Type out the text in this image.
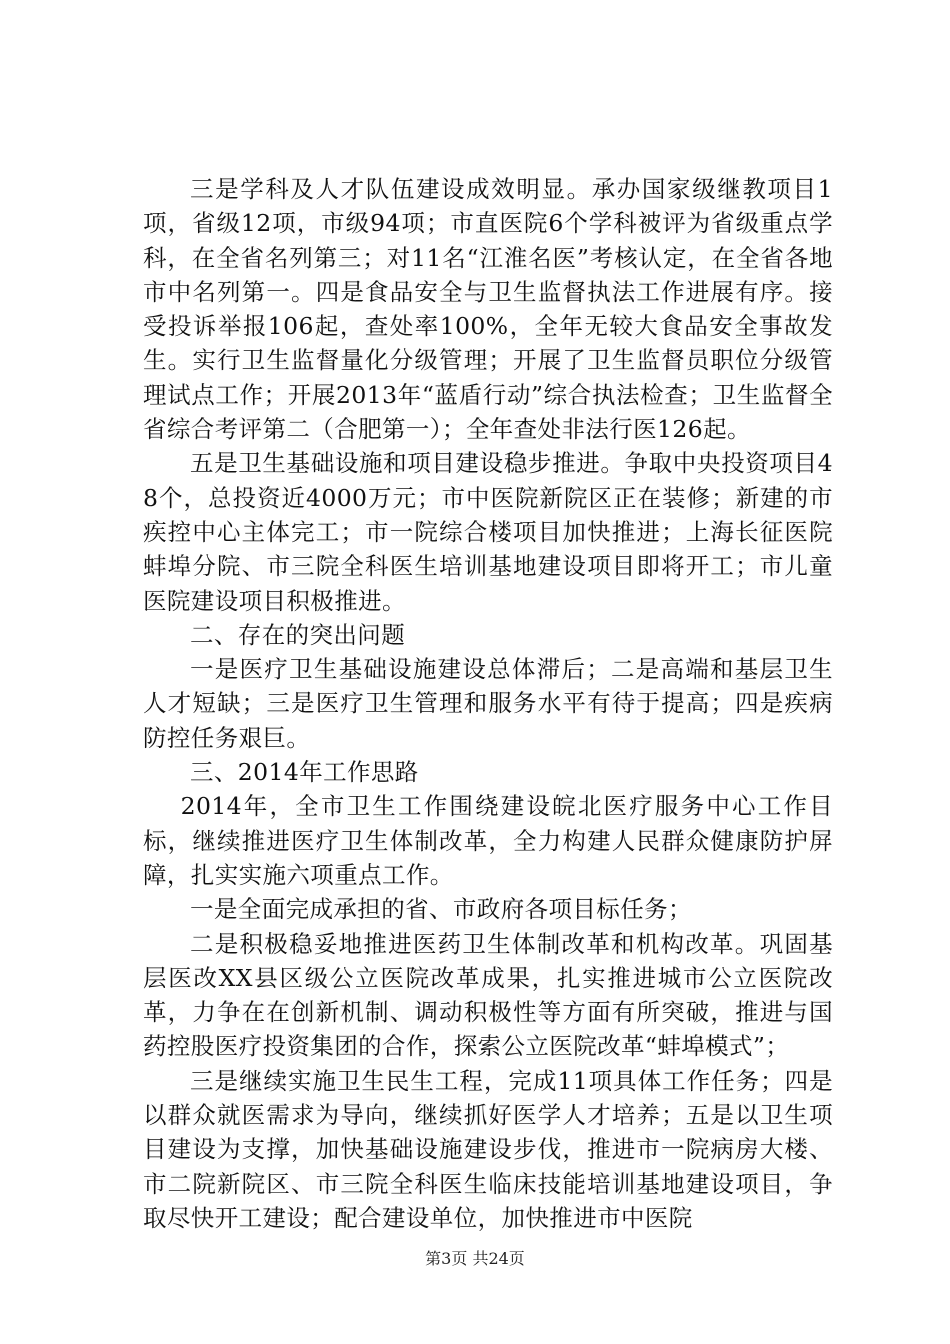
三是学科及人才队伍建设成效明显。承办国家级继教项目1项，省级12项，市级94项；市直医院6个学科被评为省级重点学科，在全省名列第三；对11名“江淮名医”考核认定，在全省各地市中名列第一。四是食品安全与卫生监督执法工作进展有序。接受投诉举报106起，查处率100%，全年无较大食品安全事故发生。实行卫生监督量化分级管理；开展了卫生监督员职位分级管理试点工作；开展2013年“蓝盾行动”综合执法检查；卫生监督全省综合考评第二（合肥第一）；全年查处非法行医126起。

五是卫生基础设施和项目建设稳步推进。争取中央投资项目48个，总投资近4000万元；市中医院新院区正在装修；新建的市疾控中心主体完工；市一院综合楼项目加快推进；上海长征医院蚌埠分院、市三院全科医生培训基地建设项目即将开工；市儿童医院建设项目积极推进。

二、存在的突出问题

一是医疗卫生基础设施建设总体滞后；二是高端和基层卫生人才短缺；三是医疗卫生管理和服务水平有待于提高；四是疾病防控任务艰巨。

三、2014年工作思路

2014年，全市卫生工作围绕建设皖北医疗服务中心工作目标，继续推进医疗卫生体制改革，全力构建人民群众健康防护屏障，扎实实施六项重点工作。

一是全面完成承担的省、市政府各项目标任务；

二是积极稳妥地推进医药卫生体制改革和机构改革。巩固基层医改XX县区级公立医院改革成果，扎实推进城市公立医院改革，力争在在创新机制、调动积极性等方面有所突破，推进与国药控股医疗投资集团的合作，探索公立医院改革“蚌埠模式”；

三是继续实施卫生民生工程，完成11项具体工作任务；四是以群众就医需求为导向，继续抓好医学人才培养；五是以卫生项目建设为支撑，加快基础设施建设步伐，推进市一院病房大楼、市二院新院区、市三院全科医生临床技能培训基地建设项目，争取尽快开工建设；配合建设单位，加快推进市中医院

第3页 共24页
